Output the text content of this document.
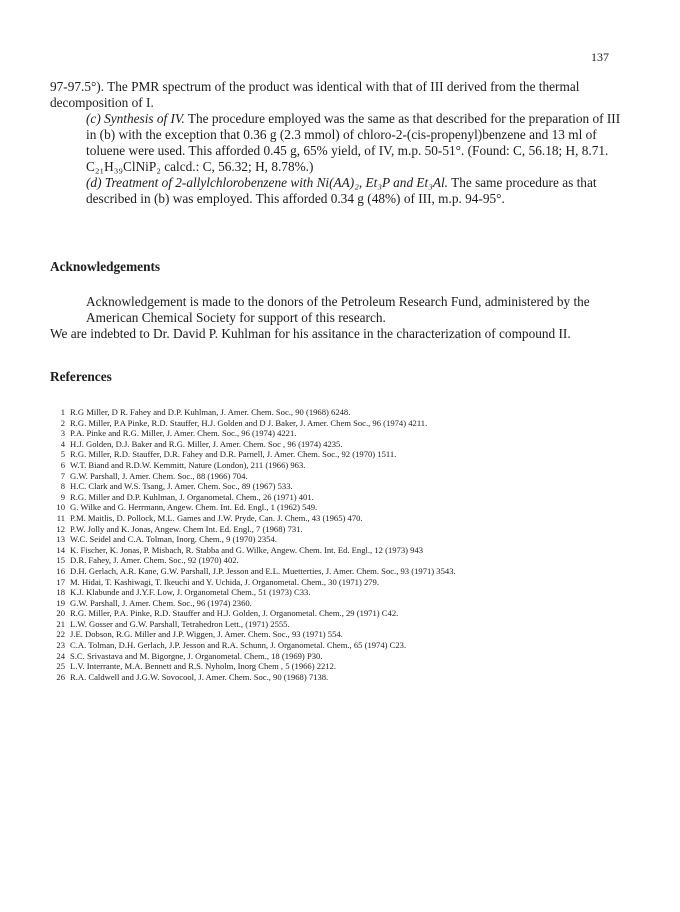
137

97-97.5°). The PMR spectrum of the product was identical with that of III derived from the thermal decomposition of I.

(c) Synthesis of IV. The procedure employed was the same as that described for the preparation of III in (b) with the exception that 0.36 g (2.3 mmol) of chloro-2-(cis-propenyl)benzene and 13 ml of toluene were used. This afforded 0.45 g, 65% yield, of IV, m.p. 50-51°. (Found: C, 56.18; H, 8.71. C₂₁H₃₉ClNiP₂ calcd.: C, 56.32; H, 8.78%.)

(d) Treatment of 2-allylchlorobenzene with Ni(AA)₂, Et₃P and Et₃Al. The same procedure as that described in (b) was employed. This afforded 0.34 g (48%) of III, m.p. 94-95°.

Acknowledgements

Acknowledgement is made to the donors of the Petroleum Research Fund, administered by the American Chemical Society for support of this research.

We are indebted to Dr. David P. Kuhlman for his assitance in the characterization of compound II.

References
1 R.G Miller, D R. Fahey and D.P. Kuhlman, J. Amer. Chem. Soc., 90 (1968) 6248.
2 R.G. Miller, P.A Pinke, R.D. Stauffer, H.J. Golden and D J. Baker, J. Amer. Chem Soc., 96 (1974) 4211.
3 P.A. Pinke and R.G. Miller, J. Amer. Chem. Soc., 96 (1974) 4221.
4 H.J. Golden, D.J. Baker and R.G. Miller, J. Amer. Chem. Soc , 96 (1974) 4235.
5 R.G. Miller, R.D. Stauffer, D.R. Fahey and D.R. Parnell, J. Amer. Chem. Soc., 92 (1970) 1511.
6 W.T. Biand and R.D.W. Kemmitt, Nature (London), 211 (1966) 963.
7 G.W. Parshall, J. Amer. Chem. Soc., 88 (1966) 704.
8 H.C. Clark and W.S. Tsang, J. Amer. Chem. Soc., 89 (1967) 533.
9 R.G. Miller and D.P. Kuhlman, J. Organometal. Chem., 26 (1971) 401.
10 G. Wilke and G. Herrmann, Angew. Chem. Int. Ed. Engl., 1 (1962) 549.
11 P.M. Maitlis, D. Pollock, M.L. Games and J.W. Pryde, Can. J. Chem., 43 (1965) 470.
12 P.W. Jolly and K. Jonas, Angew. Chem Int. Ed. Engl., 7 (1968) 731.
13 W.C. Seidel and C.A. Tolman, Inorg. Chem., 9 (1970) 2354.
14 K. Fischer, K. Jonas, P. Misbach, R. Stabba and G. Wilke, Angew. Chem. Int. Ed. Engl., 12 (1973) 943
15 D.R. Fahey, J. Amer. Chem. Soc., 92 (1970) 402.
16 D.H. Gerlach, A.R. Kane, G.W. Parshall, J.P. Jesson and E.L. Muetterties, J. Amer. Chem. Soc., 93 (1971) 3543.
17 M. Hidai, T. Kashiwagi, T. Ikeuchi and Y. Uchida, J. Organometal. Chem., 30 (1971) 279.
18 K.J. Klabunde and J.Y.F. Low, J. Organometal Chem., 51 (1973) C33.
19 G.W. Parshall, J. Amer. Chem. Soc., 96 (1974) 2360.
20 R.G. Miller, P.A. Pinke, R.D. Stauffer and H.J. Golden, J. Organometal. Chem., 29 (1971) C42.
21 L.W. Gosser and G.W. Parshall, Tetrahedron Lett., (1971) 2555.
22 J.E. Dobson, R.G. Miller and J.P. Wiggen, J. Amer. Chem. Soc., 93 (1971) 554.
23 C.A. Tolman, D.H. Gerlach, J.P. Jesson and R.A. Schunn, J. Organometal. Chem., 65 (1974) C23.
24 S.C. Srivastava and M. Bigorgne, J. Organometal. Chem., 18 (1969) P30.
25 L.V. Interrante, M.A. Bennett and R.S. Nyholm, Inorg Chem , 5 (1966) 2212.
26 R.A. Caldwell and J.G.W. Sovocool, J. Amer. Chem. Soc., 90 (1968) 7138.
